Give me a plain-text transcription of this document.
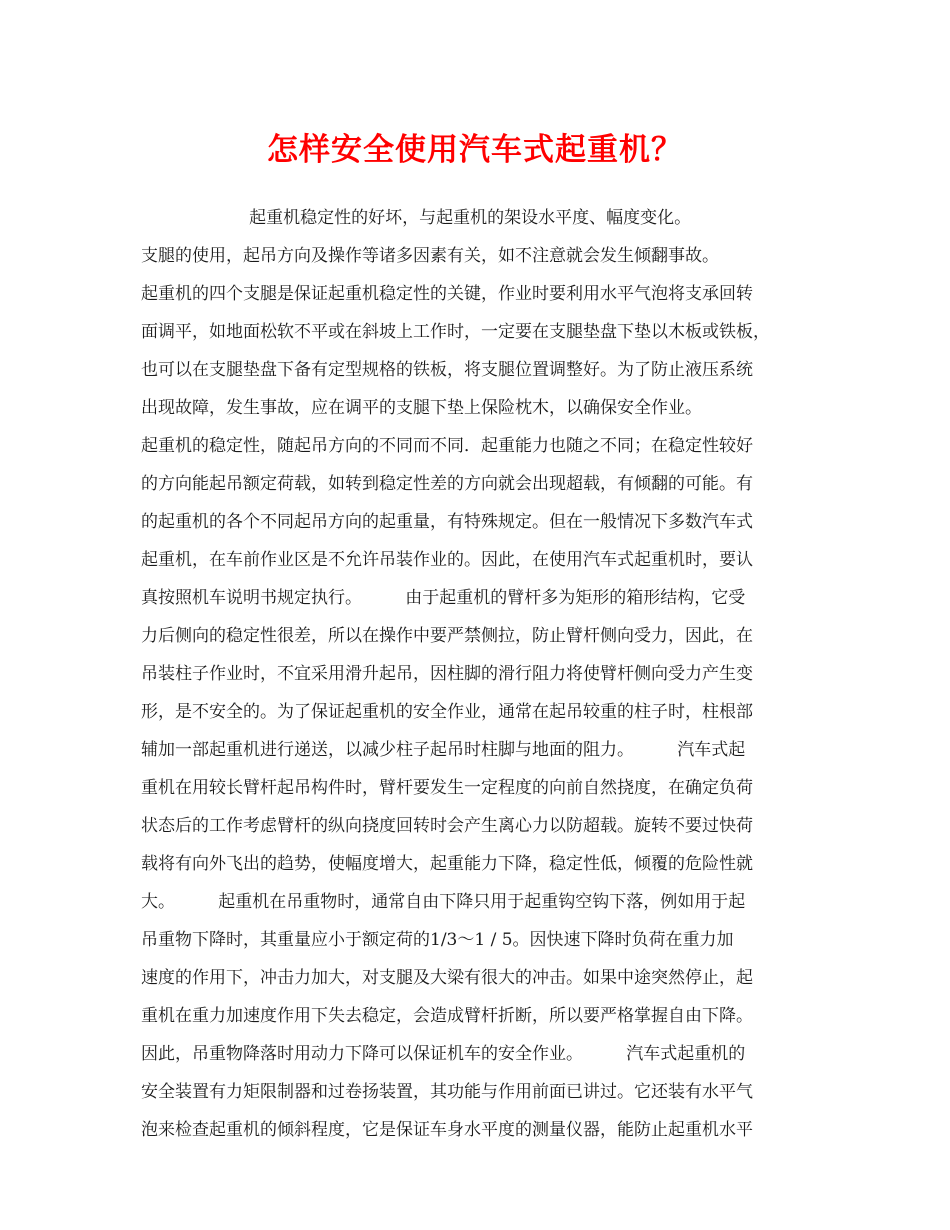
怎样安全使用汽车式起重机？
起重机稳定性的好坏，与起重机的架设水平度、幅度变化。
支腿的使用，起吊方向及操作等诸多因素有关，如不注意就会发生倾翻事故。
起重机的四个支腿是保证起重机稳定性的关键，作业时要利用水平气泡将支承回转
面调平，如地面松软不平或在斜坡上工作时，一定要在支腿垫盘下垫以木板或铁板，
也可以在支腿垫盘下备有定型规格的铁板，将支腿位置调整好。为了防止液压系统
出现故障，发生事故，应在调平的支腿下垫上保险枕木，以确保安全作业。
起重机的稳定性，随起吊方向的不同而不同．起重能力也随之不同；在稳定性较好
的方向能起吊额定荷载，如转到稳定性差的方向就会出现超载，有倾翻的可能。有
的起重机的各个不同起吊方向的起重量，有特殊规定。但在一般情况下多数汽车式
起重机，在车前作业区是不允许吊装作业的。因此，在使用汽车式起重机时，要认
真按照机车说明书规定执行。        由于起重机的臂杆多为矩形的箱形结构，它受
力后侧向的稳定性很差，所以在操作中要严禁侧拉，防止臂杆侧向受力，因此，在
吊装柱子作业时，不宜采用滑升起吊，因柱脚的滑行阻力将使臂杆侧向受力产生变
形，是不安全的。为了保证起重机的安全作业，通常在起吊较重的柱子时，柱根部
辅加一部起重机进行递送，以减少柱子起吊时柱脚与地面的阻力。        汽车式起
重机在用较长臂杆起吊构件时，臂杆要发生一定程度的向前自然挠度，在确定负荷
状态后的工作考虑臂杆的纵向挠度回转时会产生离心力以防超载。旋转不要过快荷
载将有向外飞出的趋势，使幅度增大，起重能力下降，稳定性低，倾覆的危险性就
大。        起重机在吊重物时，通常自由下降只用于起重钩空钩下落，例如用于起
吊重物下降时，其重量应小于额定荷的1/3～1 / 5。因快速下降时负荷在重力加
速度的作用下，冲击力加大，对支腿及大梁有很大的冲击。如果中途突然停止，起
重机在重力加速度作用下失去稳定，会造成臂杆折断，所以要严格掌握自由下降。
因此，吊重物降落时用动力下降可以保证机车的安全作业。        汽车式起重机的
安全装置有力矩限制器和过卷扬装置，其功能与作用前面已讲过。它还装有水平气
泡来检查起重机的倾斜程度，它是保证车身水平度的测量仪器，能防止起重机水平
